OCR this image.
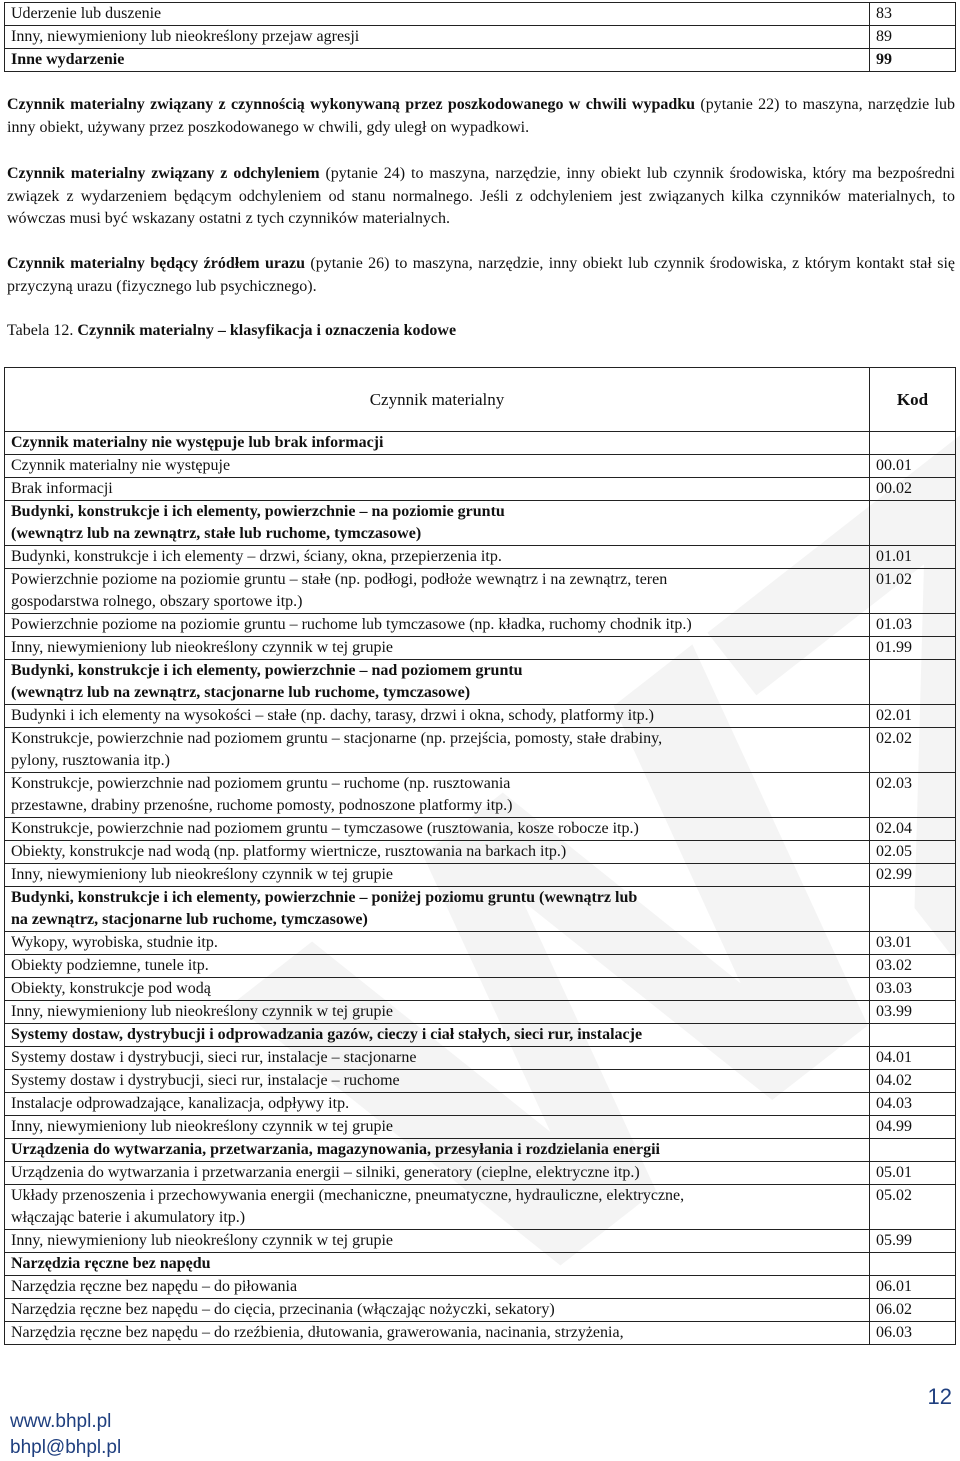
Uderzenie lub duszenie	83
Inny, niewymieniony lub nieokreślony przejaw agresji	89
Inne wydarzenie	99

Czynnik materialny związany z czynnością wykonywaną przez poszkodowanego w chwili wypadku (pytanie 22) to maszyna, narzędzie lub inny obiekt, używany przez poszkodowanego w chwili, gdy uległ on wypadkowi.

Czynnik materialny związany z odchyleniem (pytanie 24) to maszyna, narzędzie, inny obiekt lub czynnik środowiska, który ma bezpośredni związek z wydarzeniem będącym odchyleniem od stanu normalnego. Jeśli z odchyleniem jest związanych kilka czynników materialnych, to wówczas musi być wskazany ostatni z tych czynników materialnych.

Czynnik materialny będący źródłem urazu (pytanie 26) to maszyna, narzędzie, inny obiekt lub czynnik środowiska, z którym kontakt stał się przyczyną urazu (fizycznego lub psychicznego).

Tabela 12. Czynnik materialny – klasyfikacja i oznaczenia kodowe
Czynnik materialny	Kod
Czynnik materialny nie występuje lub brak informacji	
Czynnik materialny nie występuje	00.01
Brak informacji	00.02
Budynki, konstrukcje i ich elementy, powierzchnie – na poziomie gruntu
(wewnątrz lub na zewnątrz, stałe lub ruchome, tymczasowe)	
Budynki, konstrukcje i ich elementy – drzwi, ściany, okna, przepierzenia itp.	01.01
Powierzchnie poziome na poziomie gruntu – stałe (np. podłogi, podłoże wewnątrz i na zewnątrz, teren
gospodarstwa rolnego, obszary sportowe itp.)	01.02
Powierzchnie poziome na poziomie gruntu – ruchome lub tymczasowe (np. kładka, ruchomy chodnik itp.)	01.03
Inny, niewymieniony lub nieokreślony czynnik w tej grupie	01.99
Budynki, konstrukcje i ich elementy, powierzchnie – nad poziomem gruntu
(wewnątrz lub na zewnątrz, stacjonarne lub ruchome, tymczasowe)	
Budynki i ich elementy na wysokości – stałe (np. dachy, tarasy, drzwi i okna, schody, platformy itp.)	02.01
Konstrukcje, powierzchnie nad poziomem gruntu – stacjonarne (np. przejścia, pomosty, stałe drabiny,
pylony, rusztowania itp.)	02.02
Konstrukcje, powierzchnie nad poziomem gruntu – ruchome (np. rusztowania
przestawne, drabiny przenośne, ruchome pomosty, podnoszone platformy itp.)	02.03
Konstrukcje, powierzchnie nad poziomem gruntu – tymczasowe (rusztowania, kosze robocze itp.)	02.04
Obiekty, konstrukcje nad wodą (np. platformy wiertnicze, rusztowania na barkach itp.)	02.05
Inny, niewymieniony lub nieokreślony czynnik w tej grupie	02.99
Budynki, konstrukcje i ich elementy, powierzchnie – poniżej poziomu gruntu (wewnątrz lub
na zewnątrz, stacjonarne lub ruchome, tymczasowe)	
Wykopy, wyrobiska, studnie itp.	03.01
Obiekty podziemne, tunele itp.	03.02
Obiekty, konstrukcje pod wodą	03.03
Inny, niewymieniony lub nieokreślony czynnik w tej grupie	03.99
Systemy dostaw, dystrybucji i odprowadzania gazów, cieczy i ciał stałych, sieci rur, instalacje	
Systemy dostaw i dystrybucji, sieci rur, instalacje – stacjonarne	04.01
Systemy dostaw i dystrybucji, sieci rur, instalacje – ruchome	04.02
Instalacje odprowadzające, kanalizacja, odpływy itp.	04.03
Inny, niewymieniony lub nieokreślony czynnik w tej grupie	04.99
Urządzenia do wytwarzania, przetwarzania, magazynowania, przesyłania i rozdzielania energii	
Urządzenia do wytwarzania i przetwarzania energii – silniki, generatory (cieplne, elektryczne itp.)	05.01
Układy przenoszenia i przechowywania energii (mechaniczne, pneumatyczne, hydrauliczne, elektryczne,
włączając baterie i akumulatory itp.)	05.02
Inny, niewymieniony lub nieokreślony czynnik w tej grupie	05.99
Narzędzia ręczne bez napędu	
Narzędzia ręczne bez napędu – do piłowania	06.01
Narzędzia ręczne bez napędu – do cięcia, przecinania (włączając nożyczki, sekatory)	06.02
Narzędzia ręczne bez napędu – do rzeźbienia, dłutowania, grawerowania, nacinania, strzyżenia,	06.03
www.bhpl.pl
bhpl@bhpl.pl
12
